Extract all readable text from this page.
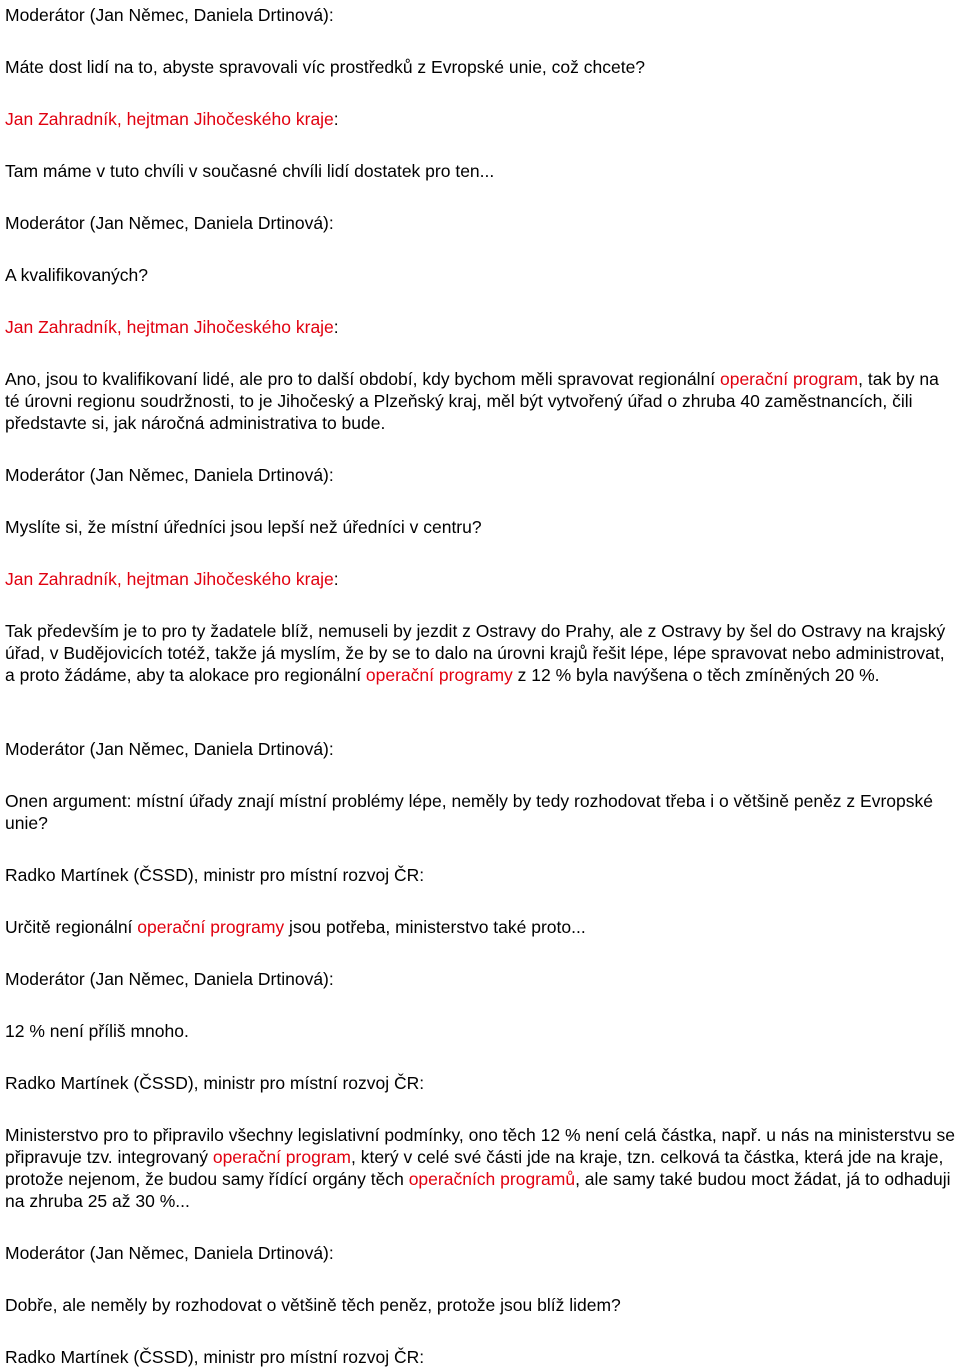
Moderátor (Jan Němec, Daniela Drtinová):
Máte dost lidí na to, abyste spravovali víc prostředků z Evropské unie, což chcete?
Jan Zahradník, hejtman Jihočeského kraje:
Tam máme v tuto chvíli v současné chvíli lidí dostatek pro ten...
Moderátor (Jan Němec, Daniela Drtinová):
A kvalifikovaných?
Jan Zahradník, hejtman Jihočeského kraje:
Ano, jsou to kvalifikovaní lidé, ale pro to další období, kdy bychom měli spravovat regionální operační program, tak by na té úrovni regionu soudržnosti, to je Jihočeský a Plzeňský kraj, měl být vytvořený úřad o zhruba 40 zaměstnancích, čili představte si, jak náročná administrativa to bude.
Moderátor (Jan Němec, Daniela Drtinová):
Myslíte si, že místní úředníci jsou lepší než úředníci v centru?
Jan Zahradník, hejtman Jihočeského kraje:
Tak především je to pro ty žadatele blíž, nemuseli by jezdit z Ostravy do Prahy, ale z Ostravy by šel do Ostravy na krajský úřad, v Budějovicích totéž, takže já myslím, že by se to dalo na úrovni krajů řešit lépe, lépe spravovat nebo administrovat, a proto žádáme, aby ta alokace pro regionální operační programy z 12 % byla navýšena o těch zmíněných 20 %.
Moderátor (Jan Němec, Daniela Drtinová):
Onen argument: místní úřady znají místní problémy lépe, neměly by tedy rozhodovat třeba i o většině peněz z Evropské unie?
Radko Martínek (ČSSD), ministr pro místní rozvoj ČR:
Určitě regionální operační programy jsou potřeba, ministerstvo také proto...
Moderátor (Jan Němec, Daniela Drtinová):
12 % není příliš mnoho.
Radko Martínek (ČSSD), ministr pro místní rozvoj ČR:
Ministerstvo pro to připravilo všechny legislativní podmínky, ono těch 12 % není celá částka, např. u nás na ministerstvu se připravuje tzv. integrovaný operační program, který v celé své části jde na kraje, tzn. celková ta částka, která jde na kraje, protože nejenom, že budou samy řídící orgány těch operačních programů, ale samy také budou moct žádat, já to odhaduji na zhruba 25 až 30 %...
Moderátor (Jan Němec, Daniela Drtinová):
Dobře, ale neměly by rozhodovat o většině těch peněz, protože jsou blíž lidem?
Radko Martínek (ČSSD), ministr pro místní rozvoj ČR:
